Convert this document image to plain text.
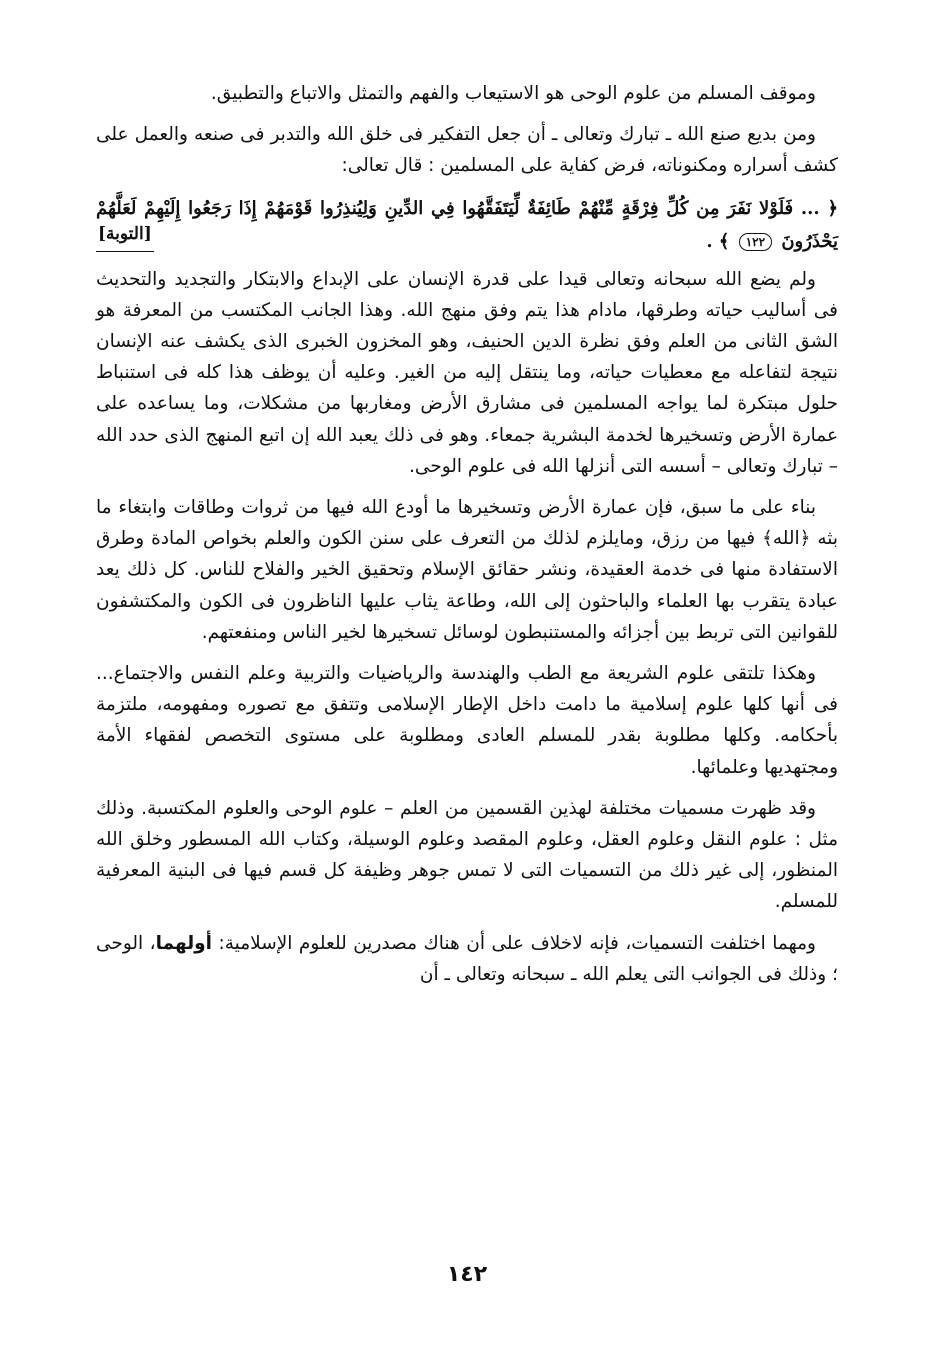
وموقف المسلم من علوم الوحى هو الاستيعاب والفهم والتمثل والاتباع والتطبيق.

ومن بديع صنع الله ـ تبارك وتعالى ـ أن جعل التفكير فى خلق الله والتدبر فى صنعه والعمل على كشف أسراره ومكنوناته، فرض كفاية على المسلمين : قال تعالى:

﴿ ... فَلَوْلا نَفَرَ مِن كُلِّ فِرْقَةٍ مِّنْهُمْ طَائِفَةٌ لِّيَتَفَقَّهُوا فِي الدِّينِ وَلِيُنذِرُوا قَوْمَهُمْ إِذَا رَجَعُوا إِلَيْهِمْ لَعَلَّهُمْ يَحْذَرُونَ ١٢٢ ﴾ .
[التوبة]

ولم يضع الله سبحانه وتعالى قيدا على قدرة الإنسان على الإبداع والابتكار والتجديد والتحديث فى أساليب حياته وطرقها، مادام هذا يتم وفق منهج الله. وهذا الجانب المكتسب من المعرفة هو الشق الثانى من العلم وفق نظرة الدين الحنيف، وهو المخزون الخبرى الذى يكشف عنه الإنسان نتيجة لتفاعله مع معطيات حياته، وما ينتقل إليه من الغير. وعليه أن يوظف هذا كله فى استنباط حلول مبتكرة لما يواجه المسلمين فى مشارق الأرض ومغاربها من مشكلات، وما يساعده على عمارة الأرض وتسخيرها لخدمة البشرية جمعاء. وهو فى ذلك يعبد الله إن اتبع المنهج الذى حدد الله – تبارك وتعالى – أسسه التى أنزلها الله فى علوم الوحى.

بناء على ما سبق، فإن عمارة الأرض وتسخيرها ما أودع الله فيها من ثروات وطاقات وابتغاء ما بثه ﴿الله﴾ فيها من رزق، ومايلزم لذلك من التعرف على سنن الكون والعلم بخواص المادة وطرق الاستفادة منها فى خدمة العقيدة، ونشر حقائق الإسلام وتحقيق الخير والفلاح للناس. كل ذلك يعد عبادة يتقرب بها العلماء والباحثون إلى الله، وطاعة يثاب عليها الناظرون فى الكون والمكتشفون للقوانين التى تربط بين أجزائه والمستنبطون لوسائل تسخيرها لخير الناس ومنفعتهم.

وهكذا تلتقى علوم الشريعة مع الطب والهندسة والرياضيات والتربية وعلم النفس والاجتماع... فى أنها كلها علوم إسلامية ما دامت داخل الإطار الإسلامى وتتفق مع تصوره ومفهومه، ملتزمة بأحكامه. وكلها مطلوبة بقدر للمسلم العادى ومطلوبة على مستوى التخصص لفقهاء الأمة ومجتهديها وعلمائها.

وقد ظهرت مسميات مختلفة لهذين القسمين من العلم – علوم الوحى والعلوم المكتسبة. وذلك مثل : علوم النقل وعلوم العقل، وعلوم المقصد وعلوم الوسيلة، وكتاب الله المسطور وخلق الله المنظور، إلى غير ذلك من التسميات التى لا تمس جوهر وظيفة كل قسم فيها فى البنية المعرفية للمسلم.

ومهما اختلفت التسميات، فإنه لاخلاف على أن هناك مصدرين للعلوم الإسلامية: أولهما، الوحى ؛ وذلك فى الجوانب التى يعلم الله ـ سبحانه وتعالى ـ أن

١٤٢
